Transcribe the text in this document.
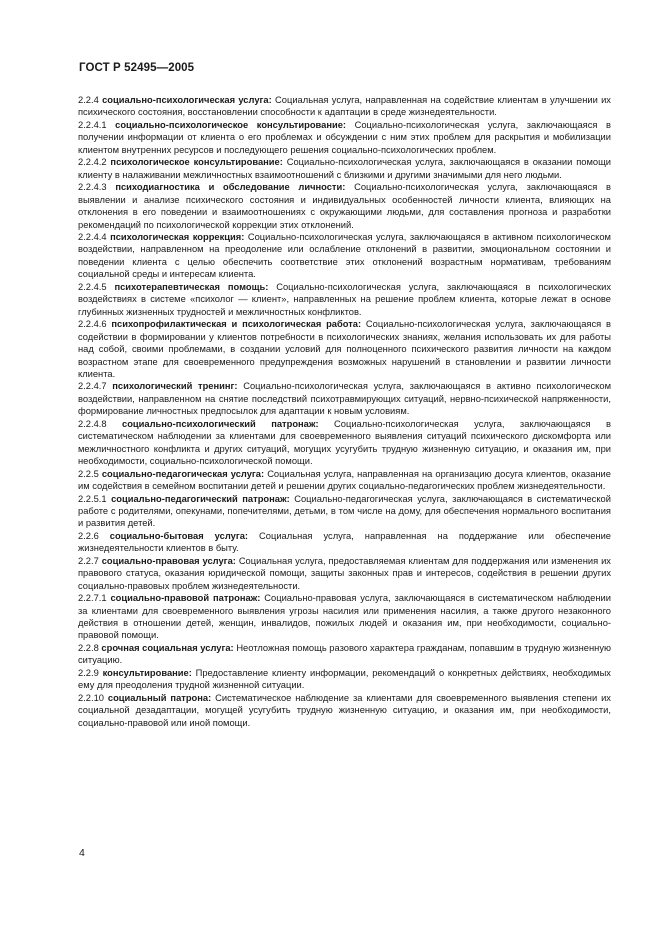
ГОСТ Р 52495—2005

2.2.4 социально-психологическая услуга: Социальная услуга, направленная на содействие клиентам в улучшении их психического состояния, восстановлении способности к адаптации в среде жизнедеятельности.

2.2.4.1 социально-психологическое консультирование: Социально-психологическая услуга, заключающаяся в получении информации от клиента о его проблемах и обсуждении с ним этих проблем для раскрытия и мобилизации клиентом внутренних ресурсов и последующего решения социально-психологических проблем.

2.2.4.2 психологическое консультирование: Социально-психологическая услуга, заключающаяся в оказании помощи клиенту в налаживании межличностных взаимоотношений с близкими и другими значимыми для него людьми.

2.2.4.3 психодиагностика и обследование личности: Социально-психологическая услуга, заключающаяся в выявлении и анализе психического состояния и индивидуальных особенностей личности клиента, влияющих на отклонения в его поведении и взаимоотношениях с окружающими людьми, для составления прогноза и разработки рекомендаций по психологической коррекции этих отклонений.

2.2.4.4 психологическая коррекция: Социально-психологическая услуга, заключающаяся в активном психологическом воздействии, направленном на преодоление или ослабление отклонений в развитии, эмоциональном состоянии и поведении клиента с целью обеспечить соответствие этих отклонений возрастным нормативам, требованиям социальной среды и интересам клиента.

2.2.4.5 психотерапевтическая помощь: Социально-психологическая услуга, заключающаяся в психологических воздействиях в системе «психолог — клиент», направленных на решение проблем клиента, которые лежат в основе глубинных жизненных трудностей и межличностных конфликтов.

2.2.4.6 психопрофилактическая и психологическая работа: Социально-психологическая услуга, заключающаяся в содействии в формировании у клиентов потребности в психологических знаниях, желания использовать их для работы над собой, своими проблемами, в создании условий для полноценного психического развития личности на каждом возрастном этапе для своевременного предупреждения возможных нарушений в становлении и развитии личности клиента.

2.2.4.7 психологический тренинг: Социально-психологическая услуга, заключающаяся в активно психологическом воздействии, направленном на снятие последствий психотравмирующих ситуаций, нервно-психической напряженности, формирование личностных предпосылок для адаптации к новым условиям.

2.2.4.8 социально-психологический патронаж: Социально-психологическая услуга, заключающаяся в систематическом наблюдении за клиентами для своевременного выявления ситуаций психического дискомфорта или межличностного конфликта и других ситуаций, могущих усугубить трудную жизненную ситуацию, и оказания им, при необходимости, социально-психологической помощи.

2.2.5 социально-педагогическая услуга: Социальная услуга, направленная на организацию досуга клиентов, оказание им содействия в семейном воспитании детей и решении других социально-педагогических проблем жизнедеятельности.

2.2.5.1 социально-педагогический патронаж: Социально-педагогическая услуга, заключающаяся в систематической работе с родителями, опекунами, попечителями, детьми, в том числе на дому, для обеспечения нормального воспитания и развития детей.

2.2.6 социально-бытовая услуга: Социальная услуга, направленная на поддержание или обеспечение жизнедеятельности клиентов в быту.

2.2.7 социально-правовая услуга: Социальная услуга, предоставляемая клиентам для поддержания или изменения их правового статуса, оказания юридической помощи, защиты законных прав и интересов, содействия в решении других социально-правовых проблем жизнедеятельности.

2.2.7.1 социально-правовой патронаж: Социально-правовая услуга, заключающаяся в систематическом наблюдении за клиентами для своевременного выявления угрозы насилия или применения насилия, а также другого незаконного действия в отношении детей, женщин, инвалидов, пожилых людей и оказания им, при необходимости, социально-правовой помощи.

2.2.8 срочная социальная услуга: Неотложная помощь разового характера гражданам, попавшим в трудную жизненную ситуацию.

2.2.9 консультирование: Предоставление клиенту информации, рекомендаций о конкретных действиях, необходимых ему для преодоления трудной жизненной ситуации.

2.2.10 социальный патрона: Систематическое наблюдение за клиентами для своевременного выявления степени их социальной дезадаптации, могущей усугубить трудную жизненную ситуацию, и оказания им, при необходимости, социально-правовой или иной помощи.

4
